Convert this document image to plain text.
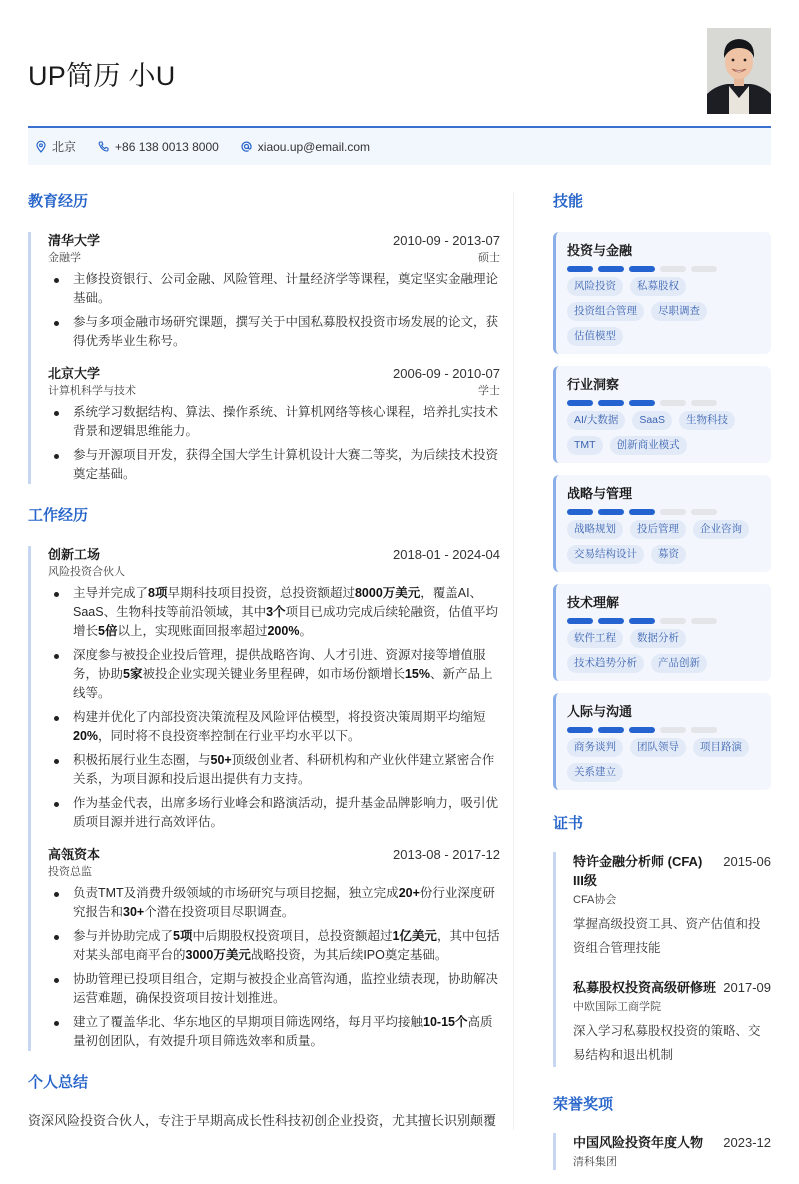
UP简历 小U
北京	+86 138 0013 8000	xiaou.up@email.com
教育经历
清华大学	2010-09 - 2013-07
金融学	硕士
主修投资银行、公司金融、风险管理、计量经济学等课程，奠定坚实金融理论基础。
参与多项金融市场研究课题，撰写关于中国私募股权投资市场发展的论文，获得优秀毕业生称号。
北京大学	2006-09 - 2010-07
计算机科学与技术	学士
系统学习数据结构、算法、操作系统、计算机网络等核心课程，培养扎实技术背景和逻辑思维能力。
参与开源项目开发，获得全国大学生计算机设计大赛二等奖，为后续技术投资奠定基础。
工作经历
创新工场	2018-01 - 2024-04
风险投资合伙人
主导并完成了8项早期科技项目投资，总投资额超过8000万美元，覆盖AI、SaaS、生物科技等前沿领域，其中3个项目已成功完成后续轮融资，估值平均增长5倍以上，实现账面回报率超过200%。
深度参与被投企业投后管理，提供战略咨询、人才引进、资源对接等增值服务，协助5家被投企业实现关键业务里程碑，如市场份额增长15%、新产品上线等。
构建并优化了内部投资决策流程及风险评估模型，将投资决策周期平均缩短20%，同时将不良投资率控制在行业平均水平以下。
积极拓展行业生态圈，与50+顶级创业者、科研机构和产业伙伴建立紧密合作关系，为项目源和投后退出提供有力支持。
作为基金代表，出席多场行业峰会和路演活动，提升基金品牌影响力，吸引优质项目源并进行高效评估。
高瓴资本	2013-08 - 2017-12
投资总监
负责TMT及消费升级领域的市场研究与项目挖掘，独立完成20+份行业深度研究报告和30+个潜在投资项目尽职调查。
参与并协助完成了5项中后期股权投资项目，总投资额超过1亿美元，其中包括对某头部电商平台的3000万美元战略投资，为其后续IPO奠定基础。
协助管理已投项目组合，定期与被投企业高管沟通，监控业绩表现，协助解决运营难题，确保投资项目按计划推进。
建立了覆盖华北、华东地区的早期项目筛选网络，每月平均接触10-15个高质量初创团队，有效提升项目筛选效率和质量。
个人总结
资深风险投资合伙人，专注于早期高成长性科技初创企业投资，尤其擅长识别颠覆
技能
投资与金融
风险投资	私募股权
投资组合管理	尽职调查
估值模型
行业洞察
AI/大数据	SaaS	生物科技
TMT	创新商业模式
战略与管理
战略规划	投后管理	企业咨询
交易结构设计	募资
技术理解
软件工程	数据分析
技术趋势分析	产品创新
人际与沟通
商务谈判	团队领导	项目路演
关系建立
证书
特许金融分析师 (CFA) III级
2015-06
CFA协会
掌握高级投资工具、资产估值和投资组合管理技能
私募股权投资高级研修班 2017-09
中欧国际工商学院
深入学习私募股权投资的策略、交易结构和退出机制
荣誉奖项
中国风险投资年度人物 2023-12
清科集团
